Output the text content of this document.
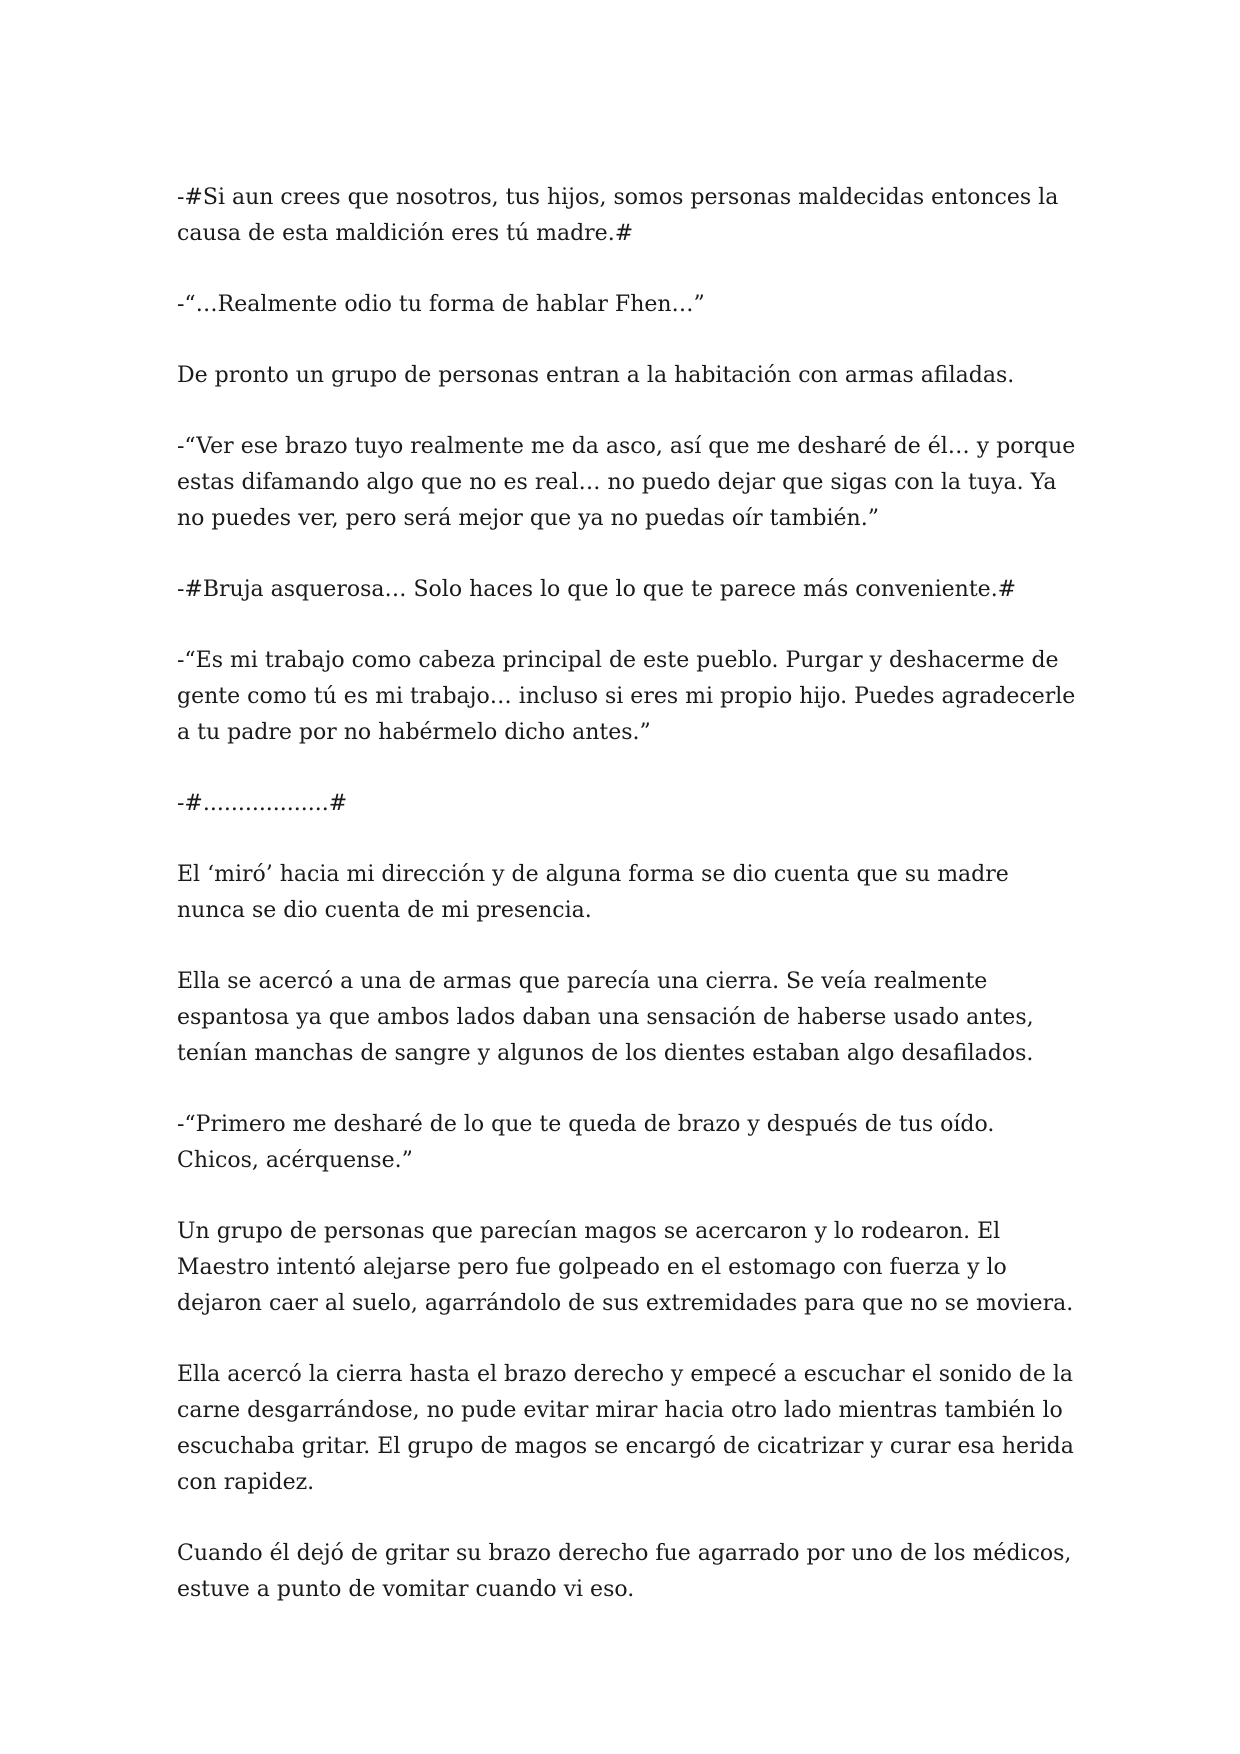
-#Si aun crees que nosotros, tus hijos, somos personas maldecidas entonces la causa de esta maldición eres tú madre.#

-“…Realmente odio tu forma de hablar Fhen…”

De pronto un grupo de personas entran a la habitación con armas afiladas.

-“Ver ese brazo tuyo realmente me da asco, así que me desharé de él… y porque estas difamando algo que no es real… no puedo dejar que sigas con la tuya. Ya no puedes ver, pero será mejor que ya no puedas oír también.”

-#Bruja asquerosa… Solo haces lo que lo que te parece más conveniente.#

-“Es mi trabajo como cabeza principal de este pueblo. Purgar y deshacerme de gente como tú es mi trabajo… incluso si eres mi propio hijo. Puedes agradecerle a tu padre por no habérmelo dicho antes.”

-#..................#

El ‘miró’ hacia mi dirección y de alguna forma se dio cuenta que su madre nunca se dio cuenta de mi presencia.

Ella se acercó a una de armas que parecía una cierra. Se veía realmente espantosa ya que ambos lados daban una sensación de haberse usado antes, tenían manchas de sangre y algunos de los dientes estaban algo desafilados.

-“Primero me desharé de lo que te queda de brazo y después de tus oído. Chicos, acérquense.”

Un grupo de personas que parecían magos se acercaron y lo rodearon. El Maestro intentó alejarse pero fue golpeado en el estomago con fuerza y lo dejaron caer al suelo, agarrándolo de sus extremidades para que no se moviera.

Ella acercó la cierra hasta el brazo derecho y empecé a escuchar el sonido de la carne desgarrándose, no pude evitar mirar hacia otro lado mientras también lo escuchaba gritar. El grupo de magos se encargó de cicatrizar y curar esa herida con rapidez.

Cuando él dejó de gritar su brazo derecho fue agarrado por uno de los médicos, estuve a punto de vomitar cuando vi eso.
